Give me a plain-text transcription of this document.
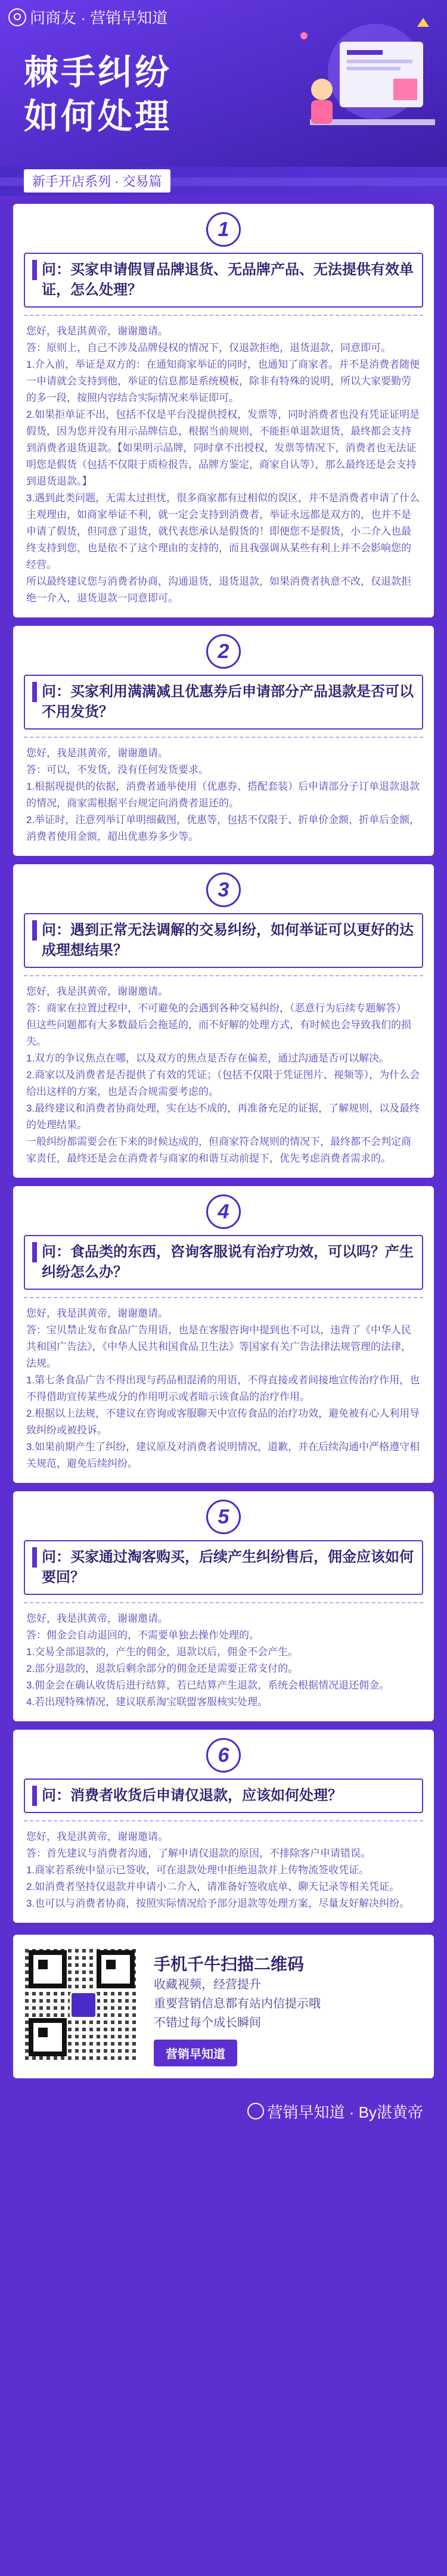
问商友 · 营销早知道
棘手纠纷
如何处理
新手开店系列 · 交易篇
1
问：买家申请假冒品牌退货、无品牌产品、无法提供有效单证，怎么处理？

您好，我是淇黄帝，谢谢邀请。

答：原则上，自己不涉及品牌侵权的情况下，仅退款拒绝，退货退款，同意即可。

1.介入前，举证是双方的：在通知商家举证的同时，也通知了商家者。并不是消费者随便一申请就会支持到他，举证的信息都是系统模板，除非有特殊的说明，所以大家要勤劳的多一段，按照内容结合实际情况来举证即可。

2.如果拒单证不出，包括不仅是平台没提供授权，发票等，同时消费者也没有凭证证明是假货，因为您并没有用示品牌信息，根据当前规则，不能拒单退款退货，最终都会支持到消费者退货退款。【如果明示品牌，同时拿不出授权，发票等情况下，消费者也无法证明您是假货（包括不仅限于质检报告，品牌方鉴定，商家自认等），那么最终还是会支持到退货退款。】

3.遇到此类问题，无需太过担忧，很多商家都有过相似的误区，并不是消费者申请了什么主观理由，如商家举证不利，就一定会支持到消费者，举证永远都是双方的，也并不是申请了假货，但同意了退货，就代表您承认是假货的！即便您不是假货，小二介入也最终支持到您，也是依不了这个理由的支持的，而且我强调从某些有利上并不会影响您的经营。

所以最终建议您与消费者协商，沟通退货，退货退款，如果消费者执意不改，仅退款拒绝一介入，退货退款一同意即可。

2
问：买家利用满满减且优惠券后申请部分产品退款是否可以不用发货？

您好，我是淇黄帝，谢谢邀请。

答：可以，不发货，没有任何发货要求。

1.根据现提供的依据，消费者通举使用（优惠券、搭配套装）后申请部分子订单退款退款的情况，商家需根据平台规定向消费者退还的。

2.举证时，注意列举订单明细截图，优惠等，包括不仅限于、折单价金额，折单后金额，消费者使用金额，超出优惠券多少等。

3
问：遇到正常无法调解的交易纠纷，如何举证可以更好的达成理想结果？

您好，我是淇黄帝，谢谢邀请。

答：商家在拉置过程中，不可避免的会遇到各种交易纠纷，（恶意行为后续专题解答）

但这些问题都有大多数最后会拖延的，而不好解的处理方式，有时候也会导致我们的损失。

1.双方的争议焦点在哪，以及双方的焦点是否存在偏差，通过沟通是否可以解决。

2.商家以及消费者是否提供了有效的凭证；（包括不仅限于凭证图片、视频等），为什么会给出这样的方案，也是否合规需要考虑的。

3.最终建议和消费者协商处理，实在达不成的，再准备充足的证据，了解规则，以及最终的处理结果。

一般纠纷都需要会在下来的时候达成的，但商家符合规则的情况下，最终都不会判定商家责任，最终还是会在消费者与商家的和谐互动前提下，优先考虑消费者需求的。

4
问：食品类的东西，咨询客服说有治疗功效，可以吗？产生纠纷怎么办？

您好，我是淇黄帝，谢谢邀请。

答：宝贝禁止发布食品广告用语，也是在客服咨询中提到也不可以，违背了《中华人民共和国广告法》，《中华人民共和国食品卫生法》等国家有关广告法律法规管理的法律，法规。

1.第七条食品广告不得出现与药品相混淆的用语，不得直接或者间接地宣传治疗作用，也不得借助宣传某些成分的作用明示或者暗示该食品的治疗作用。

2.根据以上法规，不建议在咨询或客服聊天中宣传食品的治疗功效，避免被有心人利用导致纠纷或被投诉。

3.如果前期产生了纠纷，建议原及对消费者说明情况，道歉，并在后续沟通中严格遵守相关规范，避免后续纠纷。

5
问：买家通过淘客购买，后续产生纠纷售后，佣金应该如何要回？

您好，我是淇黄帝，谢谢邀请。

答：佣金会自动退回的，不需要单独去操作处理的。

1.交易全部退款的，产生的佣金，退款以后，佣金不会产生。

2.部分退款的，退款后剩余部分的佣金还是需要正常支付的。

3.佣金会在确认收货后进行结算，若已结算产生退款，系统会根据情况退还佣金。

4.若出现特殊情况，建议联系淘宝联盟客服核实处理。

6
问：消费者收货后申请仅退款，应该如何处理？

您好，我是淇黄帝，谢谢邀请。

答：首先建议与消费者沟通，了解申请仅退款的原因，不排除客户申请错误。

1.商家若系统中显示已签收，可在退款处理中拒绝退款并上传物流签收凭证。

2.如消费者坚持仅退款并申请小二介入，请准备好签收底单、聊天记录等相关凭证。

3.也可以与消费者协商，按照实际情况给予部分退款等处理方案，尽量友好解决纠纷。

手机千牛扫描二维码
收藏视频，经营提升
重要营销信息都有站内信提示哦
不错过每个成长瞬间
营销早知道
营销早知道 · By湛黄帝
